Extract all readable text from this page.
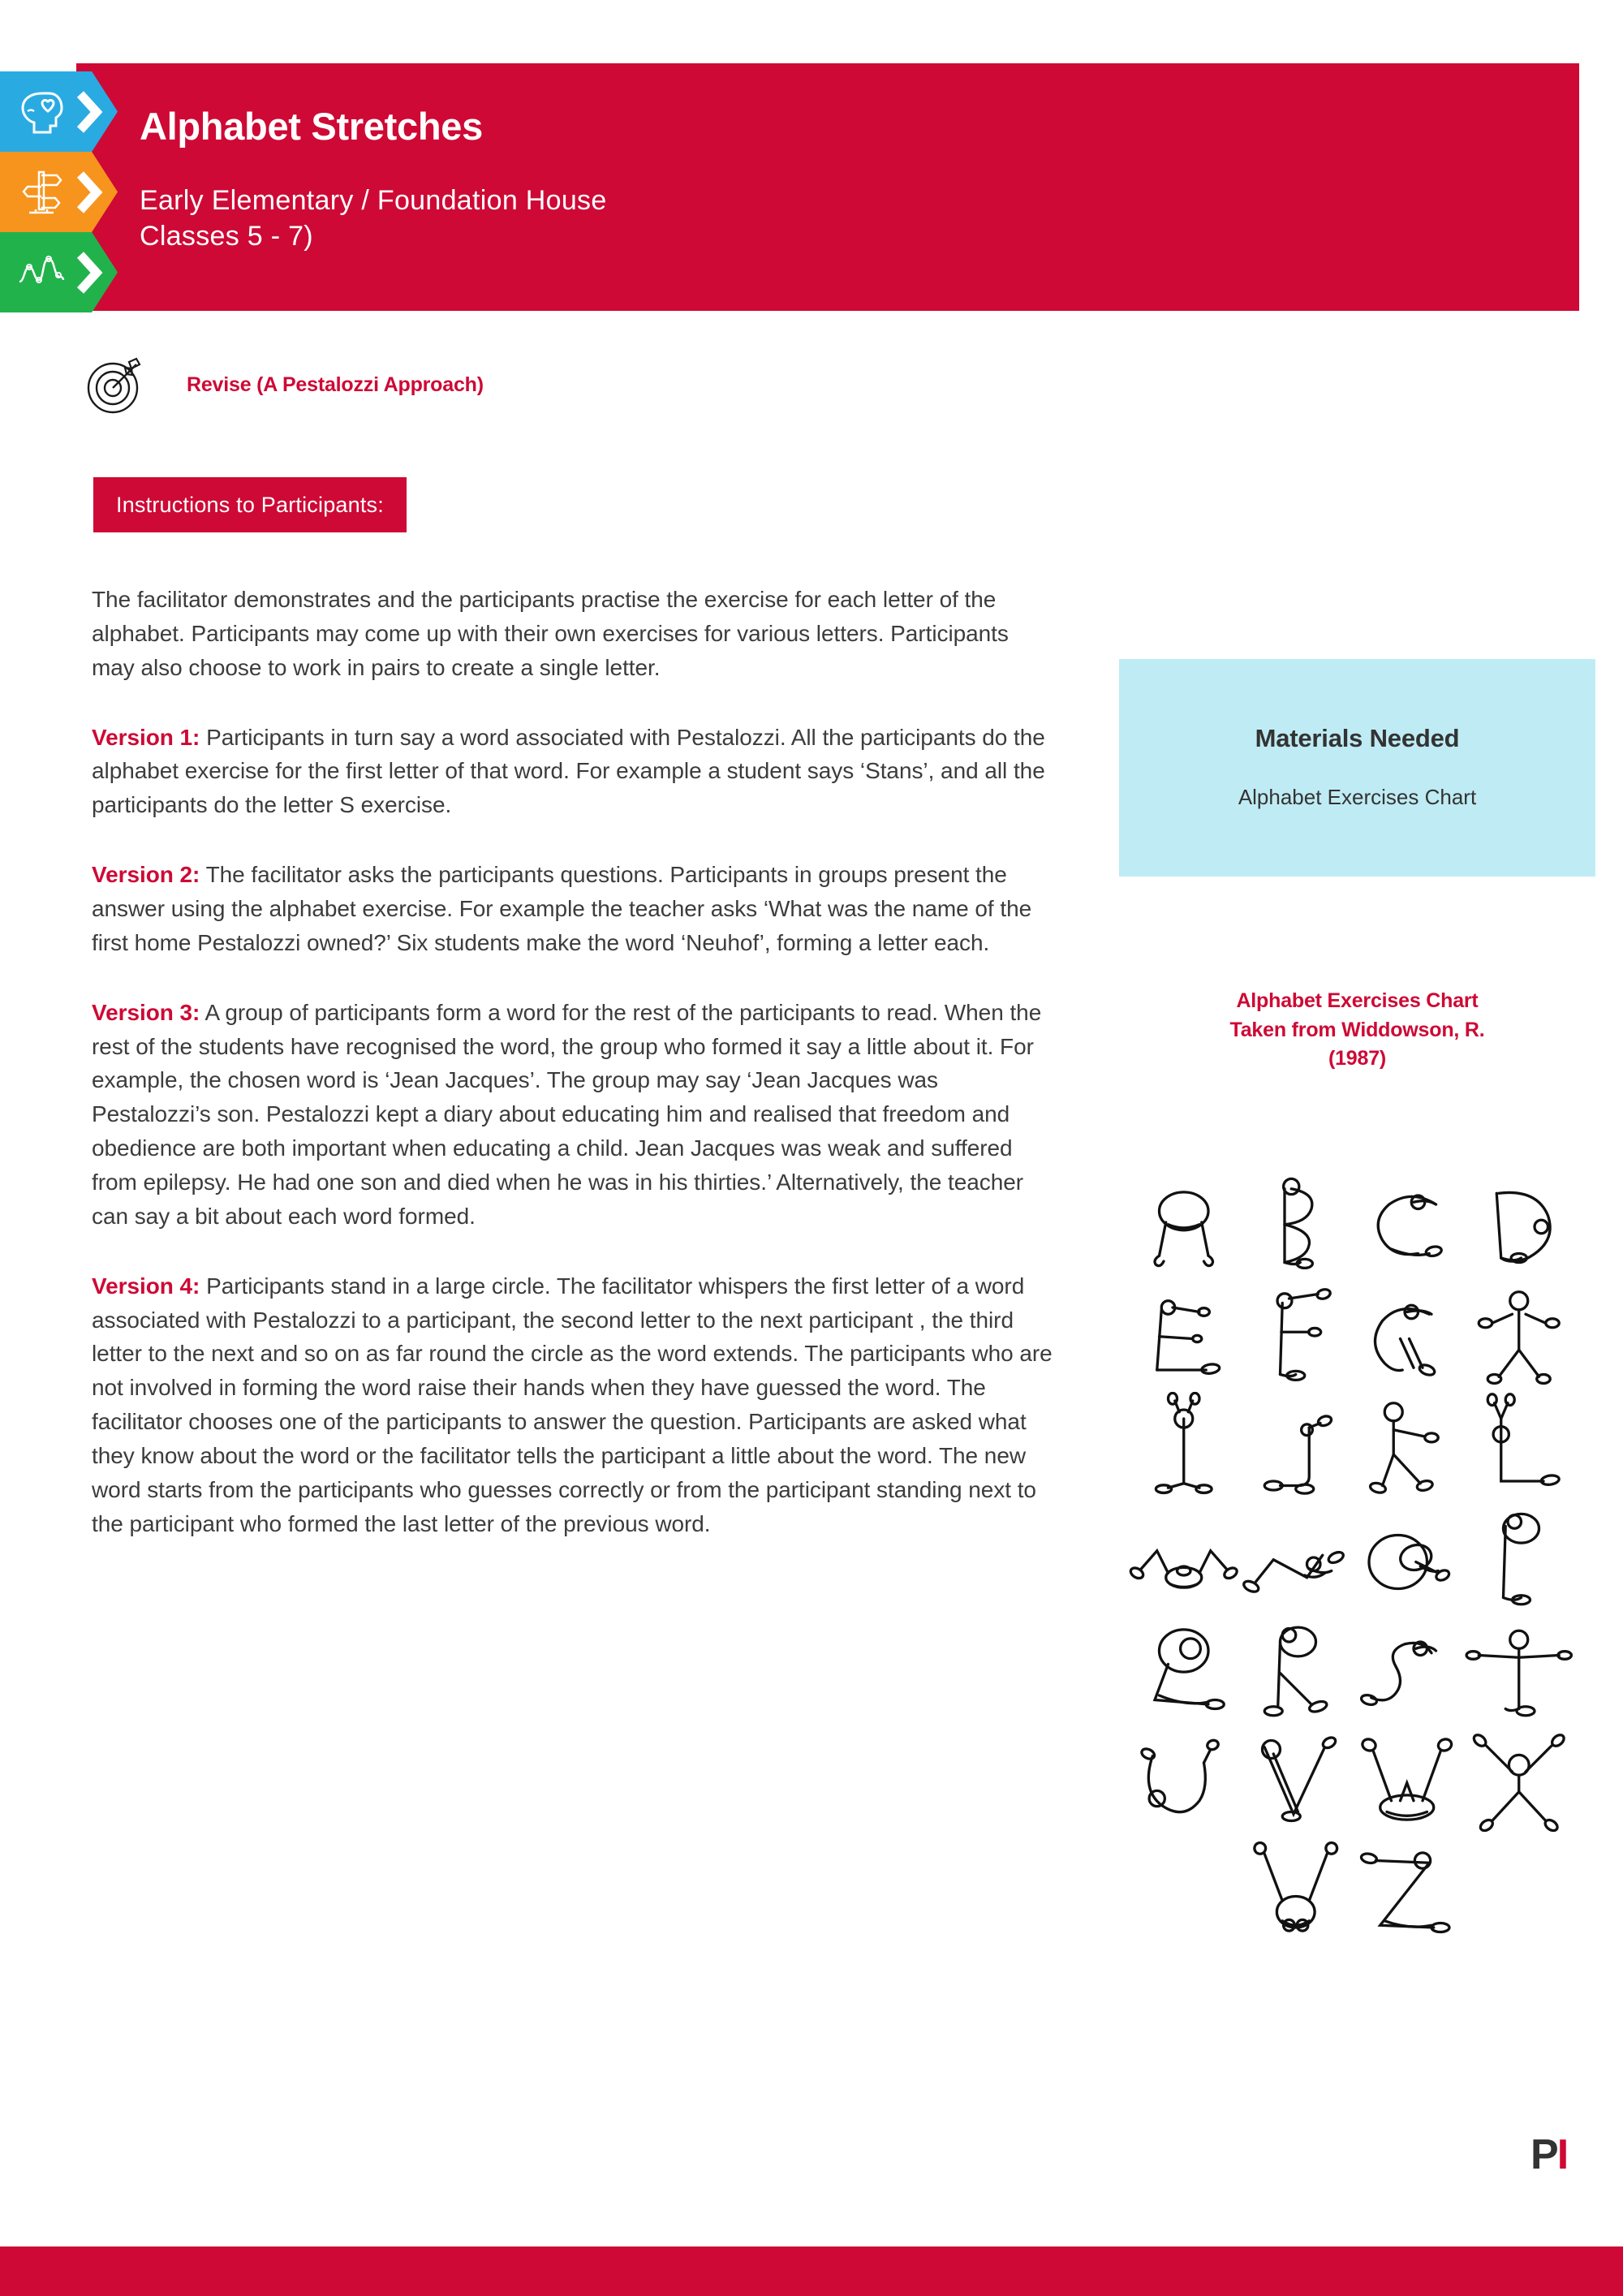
Alphabet Stretches
Early Elementary / Foundation House
Classes 5 - 7)
Revise (A Pestalozzi Approach)
Instructions to Participants:

The facilitator demonstrates and the participants practise the exercise for each letter of the alphabet. Participants may come up with their own exercises for various letters. Participants may also choose to work in pairs to create a single letter.

Version 1: Participants in turn say a word associated with Pestalozzi. All the participants do the alphabet exercise for the first letter of that word. For example a student says ‘Stans’, and all the participants do the letter S exercise.

Version 2: The facilitator asks the participants questions. Participants in groups present the answer using the alphabet exercise. For example the teacher asks ‘What was the name of the first home Pestalozzi owned?’ Six students make the word ‘Neuhof’, forming a letter each.

Version 3: A group of participants form a word for the rest of the participants to read. When the rest of the students have recognised the word, the group who formed it say a little about it. For example, the chosen word is ‘Jean Jacques’. The group may say ‘Jean Jacques was Pestalozzi’s son. Pestalozzi kept a diary about educating him and realised that freedom and obedience are both important when educating a child. Jean Jacques was weak and suffered from epilepsy. He had one son and died when he was in his thirties.’ Alternatively, the teacher can say a bit about each word formed.

Version 4: Participants stand in a large circle. The facilitator whispers the first letter of a word associated with Pestalozzi to a participant, the second letter to the next participant , the third letter to the next and so on as far round the circle as the word extends. The participants who are not involved in forming the word raise their hands when they have guessed the word. The facilitator chooses one of the participants to answer the question. Participants are asked what they know about the word or the facilitator tells the participant a little about the word. The new word starts from the participants who guesses correctly or from the participant standing next to the participant who formed the last letter of the previous word.

Materials Needed
Alphabet Exercises Chart
Alphabet Exercises Chart
Taken from Widdowson, R.
(1987)
PI
